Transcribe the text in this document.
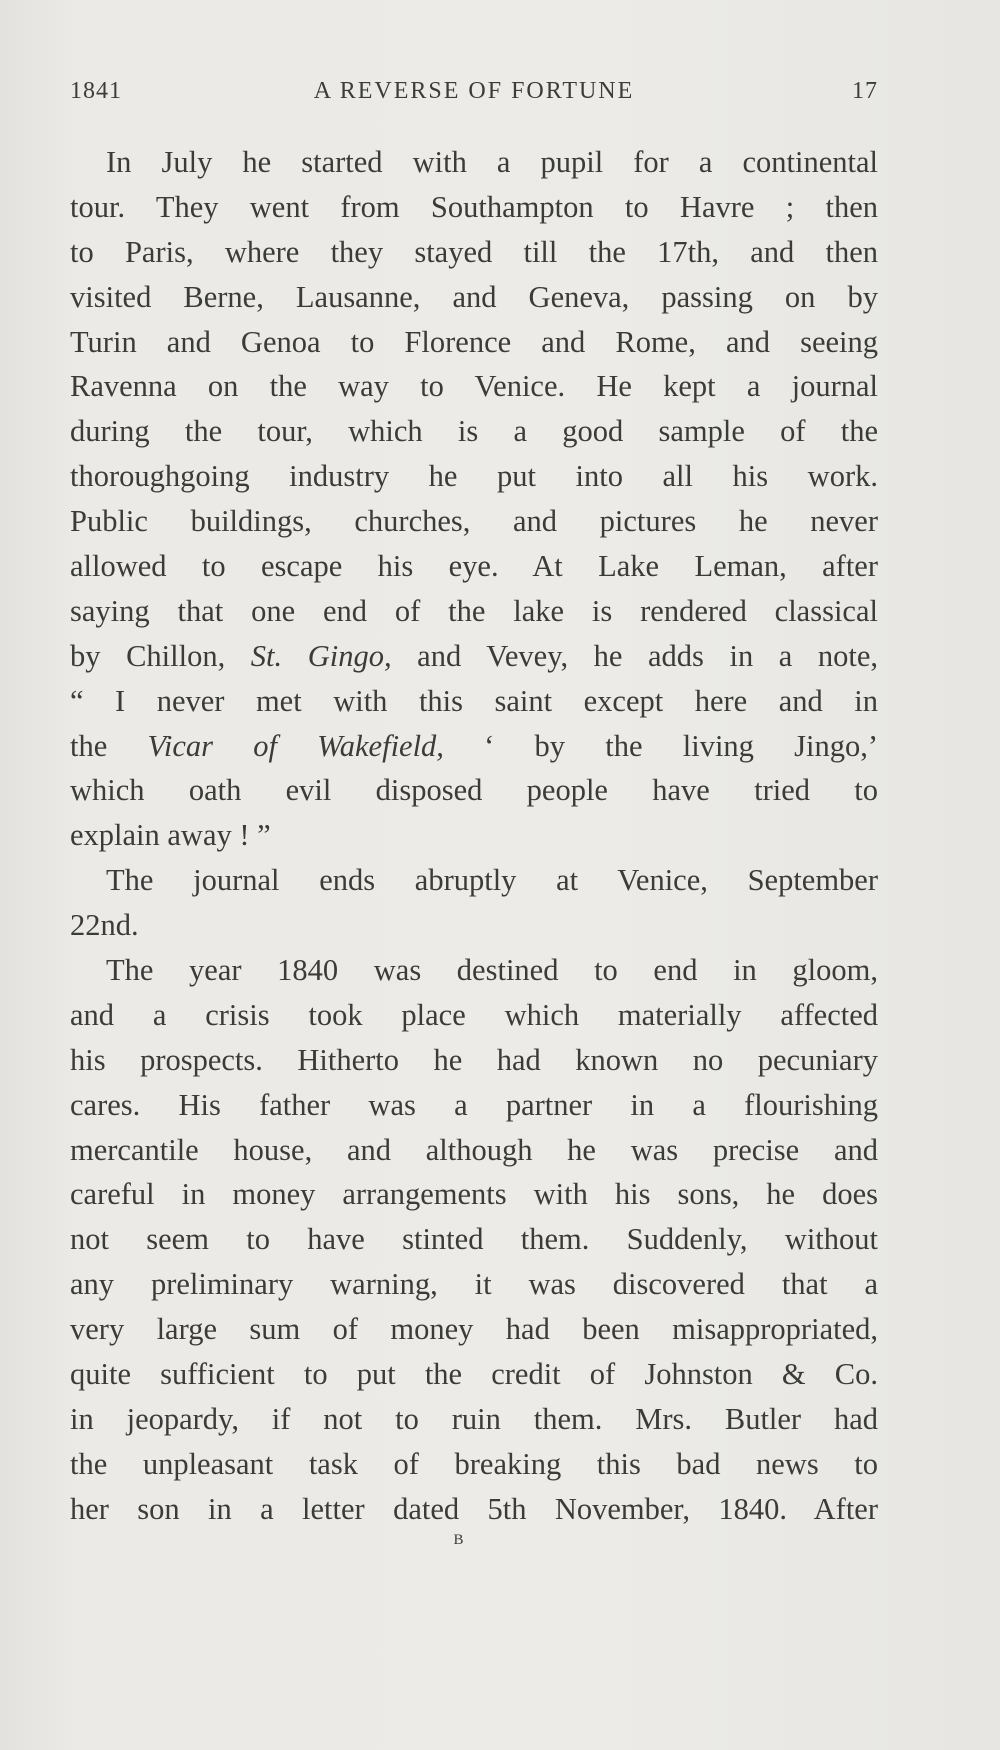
1841	A REVERSE OF FORTUNE	17
In July he started with a pupil for a continental
tour. They went from Southampton to Havre ; then
to Paris, where they stayed till the 17th, and then
visited Berne, Lausanne, and Geneva, passing on by
Turin and Genoa to Florence and Rome, and seeing
Ravenna on the way to Venice. He kept a journal
during the tour, which is a good sample of the
thoroughgoing industry he put into all his work.
Public buildings, churches, and pictures he never
allowed to escape his eye. At Lake Leman, after
saying that one end of the lake is rendered classical
by Chillon, St. Gingo, and Vevey, he adds in a note,
“ I never met with this saint except here and in
the Vicar of Wakefield, ‘ by the living Jingo,’
which oath evil disposed people have tried to
explain away ! ”
The journal ends abruptly at Venice, September
22nd.
The year 1840 was destined to end in gloom,
and a crisis took place which materially affected
his prospects. Hitherto he had known no pecuniary
cares. His father was a partner in a flourishing
mercantile house, and although he was precise and
careful in money arrangements with his sons, he does
not seem to have stinted them. Suddenly, without
any preliminary warning, it was discovered that a
very large sum of money had been misappropriated,
quite sufficient to put the credit of Johnston & Co.
in jeopardy, if not to ruin them. Mrs. Butler had
the unpleasant task of breaking this bad news to
her son in a letter dated 5th November, 1840. After
B
